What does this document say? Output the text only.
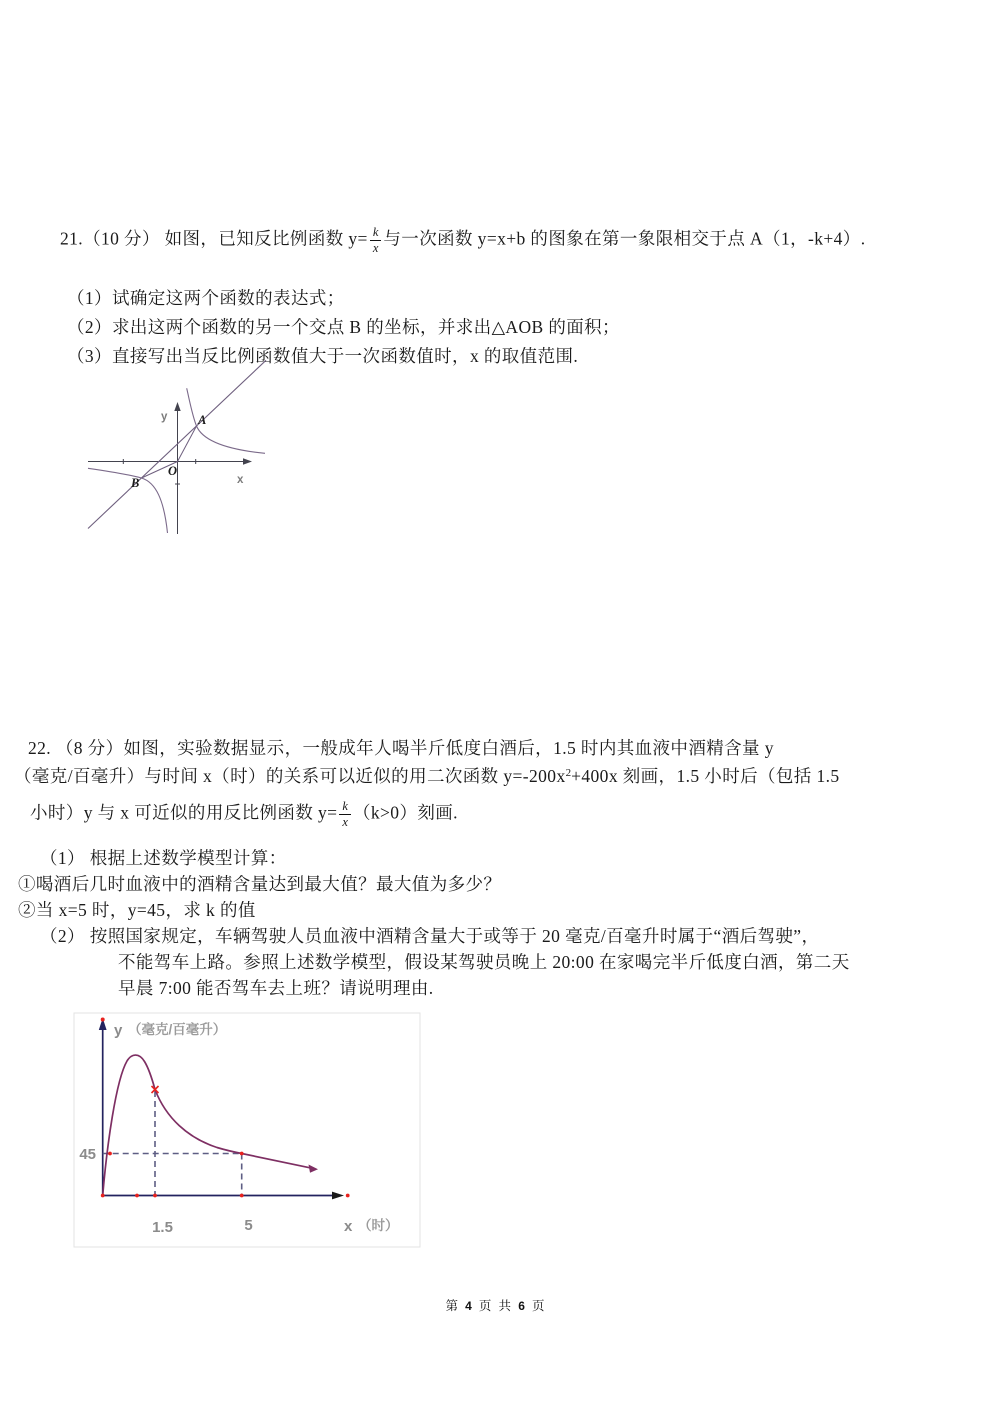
21.（10 分） 如图，已知反比例函数 $y= \frac{k}{x}$ 与一次函数 y=x+b 的图象在第一象限相交于点 A（1，-k+4）.
（1）试确定这两个函数的表达式；
（2）求出这两个函数的另一个交点 B 的坐标，并求出△AOB 的面积；
（3）直接写出当反比例函数值大于一次函数值时，x 的取值范围.
y
x
O
A
B
22. （8 分）如图，实验数据显示，一般成年人喝半斤低度白酒后，1.5 时内其血液中酒精含量 y
（毫克/百毫升）与时间 x（时）的关系可以近似的用二次函数 $y=-200x^2+400x$ 刻画，1.5 小时后（包括 1.5
小时）y 与 x 可近似的用反比例函数 $y= \frac{k}{x} (k>0)$刻画.
（1） 根据上述数学模型计算：
①喝酒后几时血液中的酒精含量达到最大值？最大值为多少？
②当 x=5 时，y=45，求 k 的值
（2） 按照国家规定，车辆驾驶人员血液中酒精含量大于或等于 20 毫克/百毫升时属于“酒后驾驶”，
不能驾车上路。参照上述数学模型，假设某驾驶员晚上 20:00 在家喝完半斤低度白酒，第二天
早晨 7:00 能否驾车去上班？请说明理由.
45
1.5	5
y （毫克/百毫升）
x （时）
第 4 页 共 6 页
